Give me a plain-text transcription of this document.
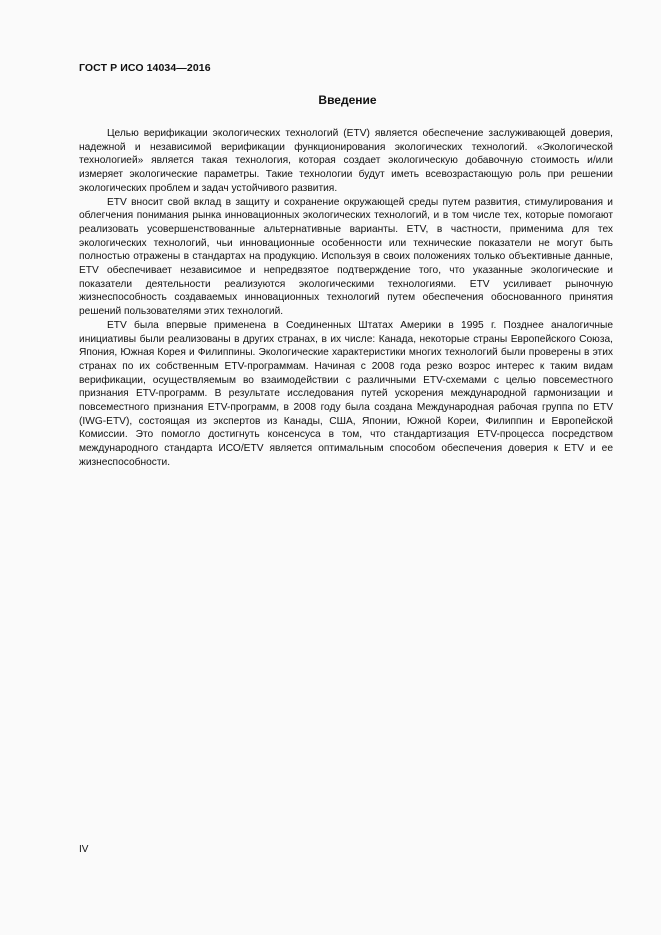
ГОСТ Р ИСО 14034—2016
Введение

Целью верификации экологических технологий (ETV) является обеспечение заслуживающей доверия, надежной и независимой верификации функционирования экологических технологий. «Экологической технологией» является такая технология, которая создает экологическую добавочную стоимость и/или измеряет экологические параметры. Такие технологии будут иметь всевозрастающую роль при решении экологических проблем и задач устойчивого развития.

ETV вносит свой вклад в защиту и сохранение окружающей среды путем развития, стимулирования и облегчения понимания рынка инновационных экологических технологий, и в том числе тех, которые помогают реализовать усовершенствованные альтернативные варианты. ETV, в частности, применима для тех экологических технологий, чьи инновационные особенности или технические показатели не могут быть полностью отражены в стандартах на продукцию. Используя в своих положениях только объективные данные, ETV обеспечивает независимое и непредвзятое подтверждение того, что указанные экологические и показатели деятельности реализуются экологическими технологиями. ETV усиливает рыночную жизнеспособность создаваемых инновационных технологий путем обеспечения обоснованного принятия решений пользователями этих технологий.

ETV была впервые применена в Соединенных Штатах Америки в 1995 г. Позднее аналогичные инициативы были реализованы в других странах, в их числе: Канада, некоторые страны Европейского Союза, Япония, Южная Корея и Филиппины. Экологические характеристики многих технологий были проверены в этих странах по их собственным ETV-программам. Начиная с 2008 года резко возрос интерес к таким видам верификации, осуществляемым во взаимодействии с различными ETV-схемами с целью повсеместного признания ETV-программ. В результате исследования путей ускорения международной гармонизации и повсеместного признания ETV-программ, в 2008 году была создана Международная рабочая группа по ETV (IWG-ETV), состоящая из экспертов из Канады, США, Японии, Южной Кореи, Филиппин и Европейской Комиссии. Это помогло достигнуть консенсуса в том, что стандартизация ETV-процесса посредством международного стандарта ИСО/ETV является оптимальным способом обеспечения доверия к ETV и ее жизнеспособности.

IV
